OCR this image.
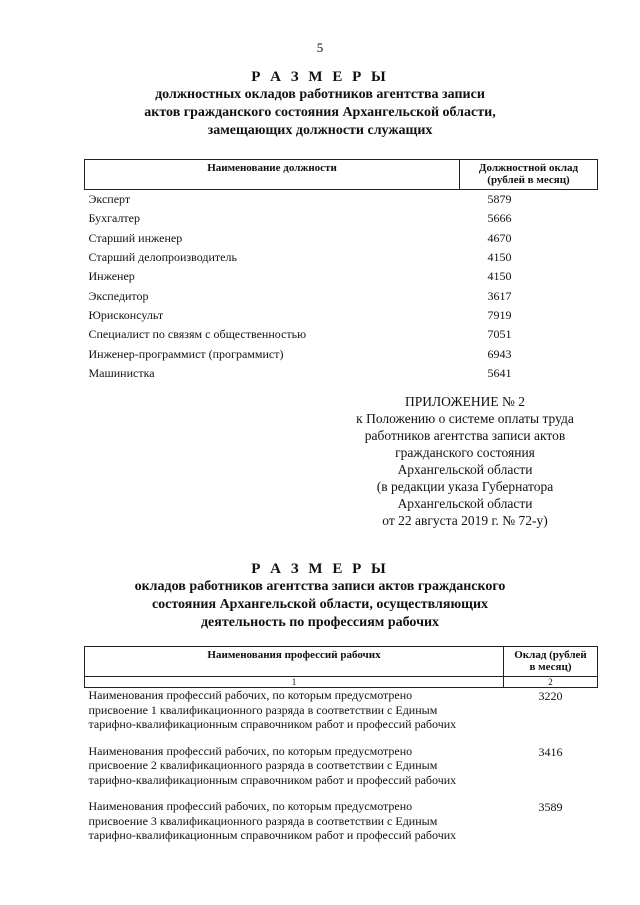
5
Р А З М Е Р Ы
должностных окладов работников агентства записи
актов гражданского состояния Архангельской области,
замещающих должности служащих
Наименование должности	Должностной оклад
(рублей в месяц)

Эксперт	5879
Бухгалтер	5666
Старший инженер	4670
Старший делопроизводитель	4150
Инженер	4150
Экспедитор	3617
Юрисконсульт	7919
Специалист по связям с общественностью	7051
Инженер-программист (программист)	6943
Машинистка	5641
ПРИЛОЖЕНИЕ № 2
к Положению о системе оплаты труда
работников агентства записи актов
гражданского состояния
Архангельской области
(в редакции указа Губернатора
Архангельской области
от 22 августа 2019 г. № 72-у)
Р А З М Е Р Ы
окладов работников агентства записи актов гражданского
состояния Архангельской области, осуществляющих
деятельность по профессиям рабочих
Наименования профессий рабочих	Оклад (рублей
в месяц)

1	2

Наименования профессий рабочих, по которым предусмотрено
присвоение 1 квалификационного разряда в соответствии с Единым
тарифно-квалификационным справочником работ и профессий рабочих	3220

Наименования профессий рабочих, по которым предусмотрено
присвоение 2 квалификационного разряда в соответствии с Единым
тарифно-квалификационным справочником работ и профессий рабочих	3416

Наименования профессий рабочих, по которым предусмотрено
присвоение 3 квалификационного разряда в соответствии с Единым
тарифно-квалификационным справочником работ и профессий рабочих	3589
